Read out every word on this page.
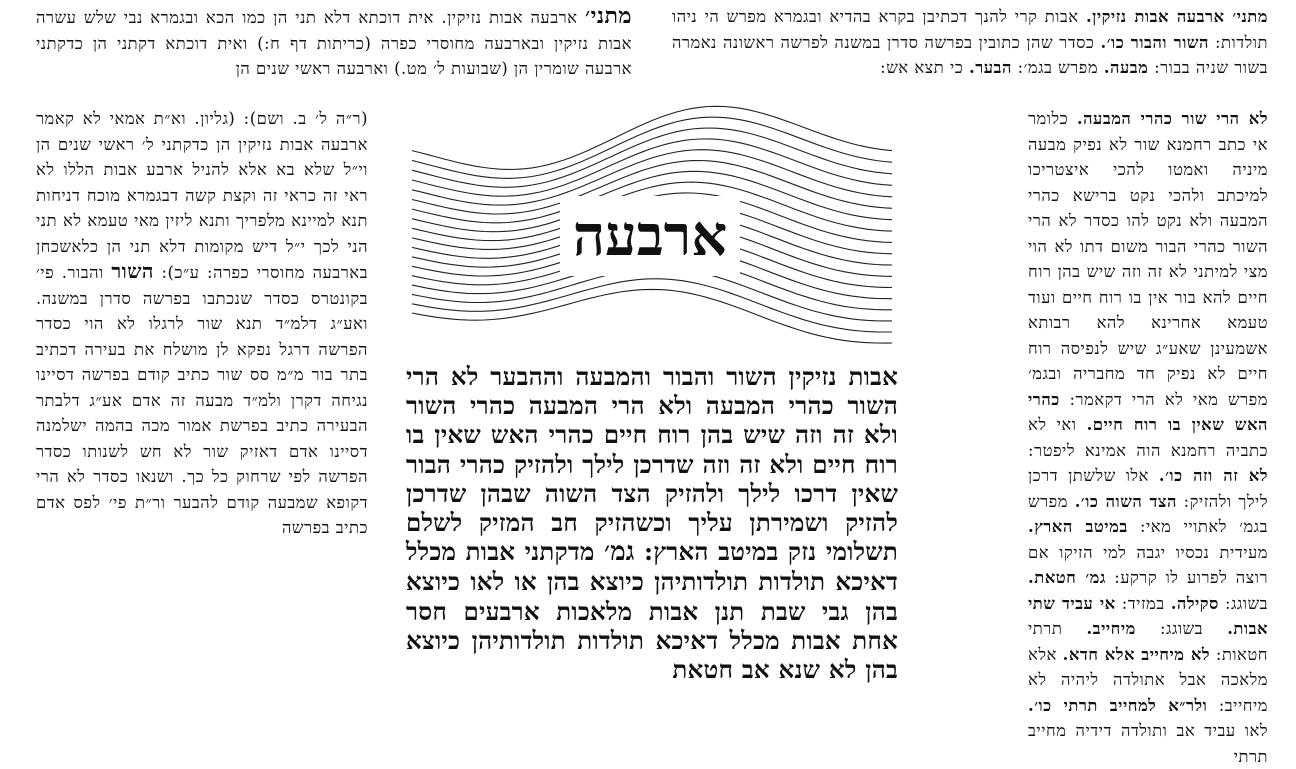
מתני׳ ארבעה אבות נזיקין. אבות קרי להנך דכתיבן בקרא בהדיא ובגמרא מפרש הי ניהו תולדות: השור והבור כו׳. כסדר שהן כתובין בפרשה סדרן במשנה לפרשה ראשונה נאמרה בשור שניה בבור: מבעה. מפרש בגמ׳: הבער. כי תצא אש:
לא הרי שור כהרי המבעה. כלומר אי כתב רחמנא שור לא נפיק מבעה מיניה ואמטו להכי איצטריכו למיכתב ולהכי נקט ברישא כהרי המבעה ולא נקט להו כסדר לא הרי השור כהרי הבור משום דתו לא הוי מצי למיתני לא זה וזה שיש בהן רוח חיים להא בור אין בו רוח חיים ועוד טעמא אחרינא להא רבותא אשמעינן שאע״ג שיש לנפיסה רוח חיים לא נפיק חד מחבריה ובגמ׳ מפרש מאי לא הרי דקאמר: כהרי האש שאין בו רוח חיים. ואי לא כתביה רחמנא הוה אמינא ליפטר: לא זה וזה כו׳. אלו שלשתן דרכן לילך ולהזיק: הצד השוה כו׳. מפרש בגמ׳ לאתויי מאי: במיטב הארץ. מעידית נכסיו יגבה למי הזיקו אם רוצה לפרוע לו קרקע: גמ׳ חטאת. בשוגג: סקילה. במזיד: אי עביד שתי אבות. בשוגג: מיחייב. תרתי חטאות: לא מיחייב אלא חדא. אלא מלאכה אבל אתולדה ליהיה לא מיחייב: ולר״א למחייב תרתי כו׳. לאו עביד אב ותולדה דידיה מחייב תרתי
מתני׳ ארבעה אבות נזיקין. אית דוכתא דלא תני הן כמו הכא ובגמרא נבי שלש עשרה אבות נזיקין ובארבעה מחוסרי כפרה (כריתות דף ח:) ואית דוכתא דקתני הן כדקתני ארבעה שומרין הן (שבועות ל׳ מט.) וארבעה ראשי שנים הן
(ר״ה ל׳ ב. ושם): (גליון. וא״ת אמאי לא קאמר ארבעה אבות נזיקין הן כדקתני ל׳ ראשי שנים הן וי״ל שלא בא אלא להניל ארבע אבות הללו לא ראי זה כראי זה וקצת קשה דבגמרא מוכח דניחות תנא למיינא מלפריך ותנא ליזין מאי טעמא לא תני הני לכך י״ל דיש מקומות דלא תני הן כלאשכחן בארבעה מחוסרי כפרה: ע״כ): השור והבור. פי׳ בקונטרס כסדר שנכתבו בפרשה סדרן במשנה. ואע״ג דלמ״ד תנא שור לרגלו לא הוי כסדר הפרשה דרגל נפקא לן מושלח את בעירה דכתיב בתר בור מ״מ סס שור כתיב קודם בפרשה דסיינו נגיחה דקרן ולמ״ד מבעה זה אדם אע״ג דלבתר הבעירה כתיב בפרשת אמור מכה בהמה ישלמנה דסיינו אדם דאזיק שור לא חש לשנותו כסדר הפרשה לפי שרחוק כל כך. ושנאו כסדר לא הרי דקופא שמבעה קודם להבער ור״ת פי׳ לפס אדם כתיב בפרשה
ארבעה
אבות נזיקין השור והבור והמבעה וההבער לא הרי השור כהרי המבעה ולא הרי המבעה כהרי השור ולא זה וזה שיש בהן רוח חיים כהרי האש שאין בו רוח חיים ולא זה וזה שדרכן לילך ולהזיק כהרי הבור שאין דרכו לילך ולהזיק הצד השוה שבהן שדרכן להזיק ושמירתן עליך וכשהזיק חב המזיק לשלם תשלומי נזק במיטב הארץ: גמ׳ מדקתני אבות מכלל דאיכא תולדות תולדותיהן כיוצא בהן או לאו כיוצא בהן גבי שבת תנן אבות מלאכות ארבעים חסר אחת אבות מכלל דאיכא תולדות תולדותיהן כיוצא בהן לא שנא אב חטאת
